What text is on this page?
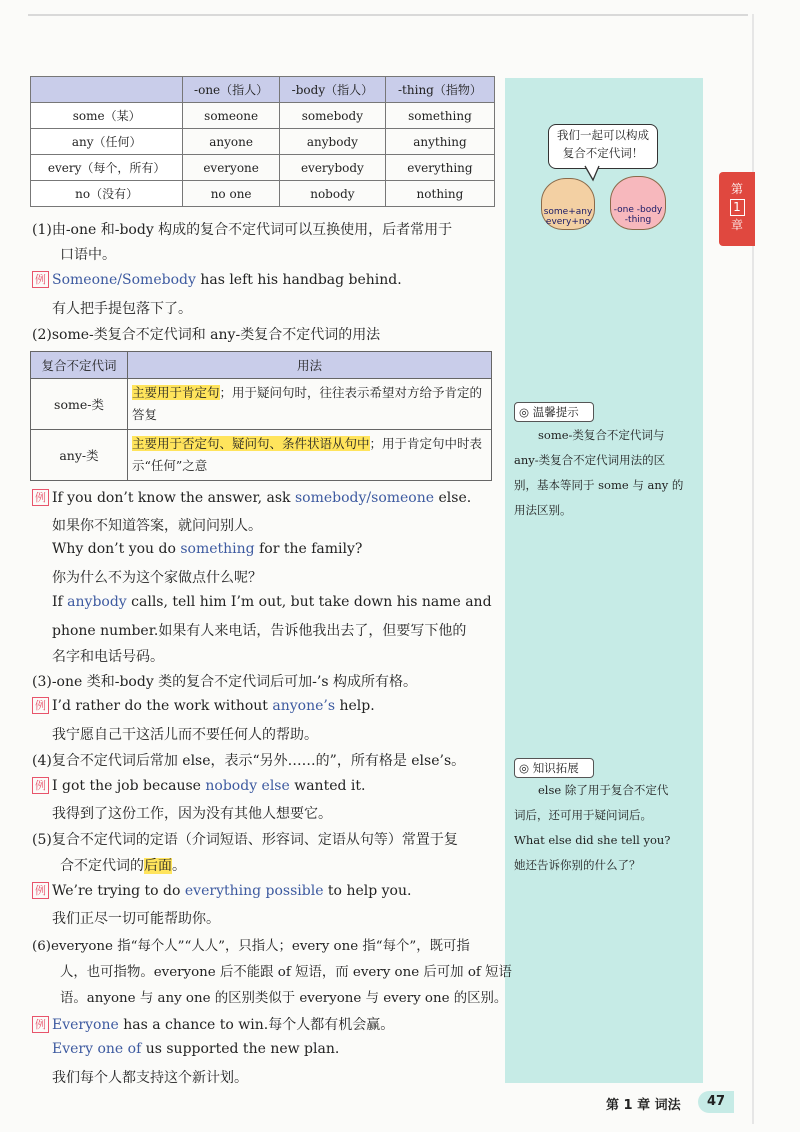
	-one（指人）	-body（指人）	-thing（指物）
some（某）	someone	somebody	something
any（任何）	anyone	anybody	anything
every（每个，所有）	everyone	everybody	everything
no（没有）	no one	nobody	nothing
我们一起可以构成
复合不定代词！
some+any
every+no
-one -body
-thing
◎ 温馨提示
some-类复合不定代词与
any-类复合不定代词用法的区
别，基本等同于 some 与 any 的
用法区别。
◎ 知识拓展
else 除了用于复合不定代
词后，还可用于疑问词后。
What else did she tell you?
她还告诉你别的什么了？
第
1
章
(1)由-one 和-body 构成的复合不定代词可以互换使用，后者常用于
口语中。
例 Someone/Somebody has left his handbag behind.
有人把手提包落下了。
(2)some-类复合不定代词和 any-类复合不定代词的用法
复合不定代词	用法
some-类	主要用于肯定句；用于疑问句时，往往表示希望对方给予肯定的答复
any-类	主要用于否定句、疑问句、条件状语从句中；用于肯定句中时表示“任何”之意
例 If you don’t know the answer, ask somebody/someone else.
如果你不知道答案，就问问别人。
Why don’t you do something for the family?
你为什么不为这个家做点什么呢？
If anybody calls, tell him I’m out, but take down his name and
phone number.如果有人来电话，告诉他我出去了，但要写下他的
名字和电话号码。
(3)-one 类和-body 类的复合不定代词后可加-’s 构成所有格。
例 I’d rather do the work without anyone’s help.
我宁愿自己干这活儿而不要任何人的帮助。
(4)复合不定代词后常加 else，表示“另外……的”，所有格是 else’s。
例 I got the job because nobody else wanted it.
我得到了这份工作，因为没有其他人想要它。
(5)复合不定代词的定语（介词短语、形容词、定语从句等）常置于复
合不定代词的后面。
例 We’re trying to do everything possible to help you.
我们正尽一切可能帮助你。
(6)everyone 指“每个人”“人人”，只指人；every one 指“每个”，既可指
人，也可指物。everyone 后不能跟 of 短语，而 every one 后可加 of 短语
语。anyone 与 any one 的区别类似于 everyone 与 every one 的区别。
例 Everyone has a chance to win.每个人都有机会赢。
Every one of us supported the new plan.
我们每个人都支持这个新计划。
第 1 章 词法	47
